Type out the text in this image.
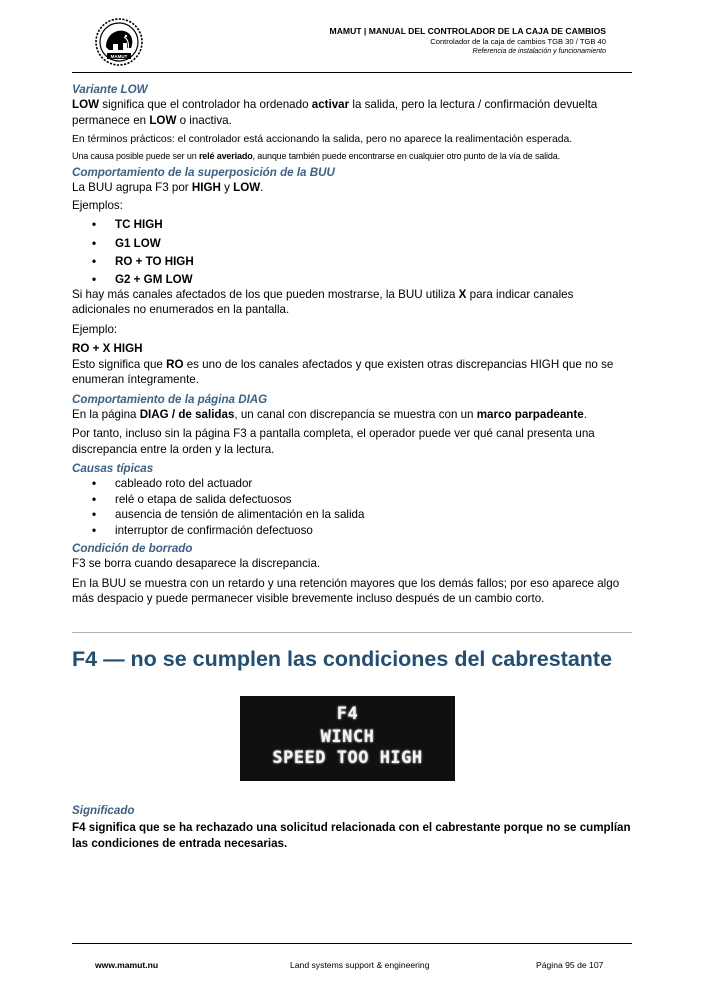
MAMUT
MAMUT | MANUAL DEL CONTROLADOR DE LA CAJA DE CAMBIOS
Controlador de la caja de cambios TGB 30 / TGB 40
Referencia de instalación y funcionamiento

Variante LOW

LOW significa que el controlador ha ordenado activar la salida, pero la lectura / confirmación devuelta permanece en LOW o inactiva.

En términos prácticos: el controlador está accionando la salida, pero no aparece la realimentación esperada.

Una causa posible puede ser un relé averiado, aunque también puede encontrarse en cualquier otro punto de la vía de salida.

Comportamiento de la superposición de la BUU

La BUU agrupa F3 por HIGH y LOW.

Ejemplos:

• TC HIGH
• G1 LOW
• RO + TO HIGH
• G2 + GM LOW

Si hay más canales afectados de los que pueden mostrarse, la BUU utiliza X para indicar canales adicionales no enumerados en la pantalla.

Ejemplo:

RO + X HIGH

Esto significa que RO es uno de los canales afectados y que existen otras discrepancias HIGH que no se enumeran íntegramente.

Comportamiento de la página DIAG

En la página DIAG / de salidas, un canal con discrepancia se muestra con un marco parpadeante.

Por tanto, incluso sin la página F3 a pantalla completa, el operador puede ver qué canal presenta una discrepancia entre la orden y la lectura.

Causas típicas

• cableado roto del actuador
• relé o etapa de salida defectuosos
• ausencia de tensión de alimentación en la salida
• interruptor de confirmación defectuoso

Condición de borrado

F3 se borra cuando desaparece la discrepancia.

En la BUU se muestra con un retardo y una retención mayores que los demás fallos; por eso aparece algo más despacio y puede permanecer visible brevemente incluso después de un cambio corto.

F4 — no se cumplen las condiciones del cabrestante
F4
WINCH
SPEED TOO HIGH

Significado

F4 significa que se ha rechazado una solicitud relacionada con el cabrestante porque no se cumplían las condiciones de entrada necesarias.

www.mamut.nu	Land systems support & engineering	Página 95 de 107
